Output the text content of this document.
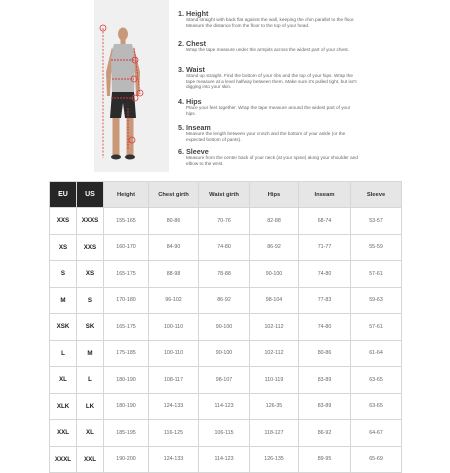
1. Height
Stand straight with back flat against the wall, keeping the chin parallel to the floor. Measure the distance from the floor to the top of your head.
2. Chest
Wrap the tape measure under the armpits across the widest part of your chest.
3. Waist
Stand up straight. Find the bottom of your ribs and the top of your hips. Wrap the tape measure at a level halfway between them. Make sure it's pulled tight, but isn't digging into your skin.
4. Hips
Place your feet together. Wrap the tape measure around the widest part of your hips.
5. Inseam
Measure the length between your crotch and the bottom of your ankle (or the expected bottom of pants).
6. Sleeve
Measure from the center back of your neck (at your spine) along your shoulder and elbow to the wrist.
EU	US	Height	Chest girth	Waist girth	Hips	Inseam	Sleeve
XXS	XXXS	155-165	80-86	70-76	82-88	68-74	53-57
XS	XXS	160-170	84-90	74-80	86-92	71-77	55-59
S	XS	165-175	88-98	78-88	90-100	74-80	57-61
M	S	170-180	96-102	86-92	98-104	77-83	59-63
XSK	SK	165-175	100-110	90-100	102-112	74-80	57-61
L	M	175-185	100-110	90-100	102-112	80-86	61-64
XL	L	180-190	108-117	98-107	110-119	83-89	63-65
XLK	LK	180-190	124-133	114-123	126-35	83-89	63-65
XXL	XL	185-195	116-125	106-115	118-127	86-92	64-67
XXXL	XXL	190-200	124-133	114-123	126-135	89-95	65-69
